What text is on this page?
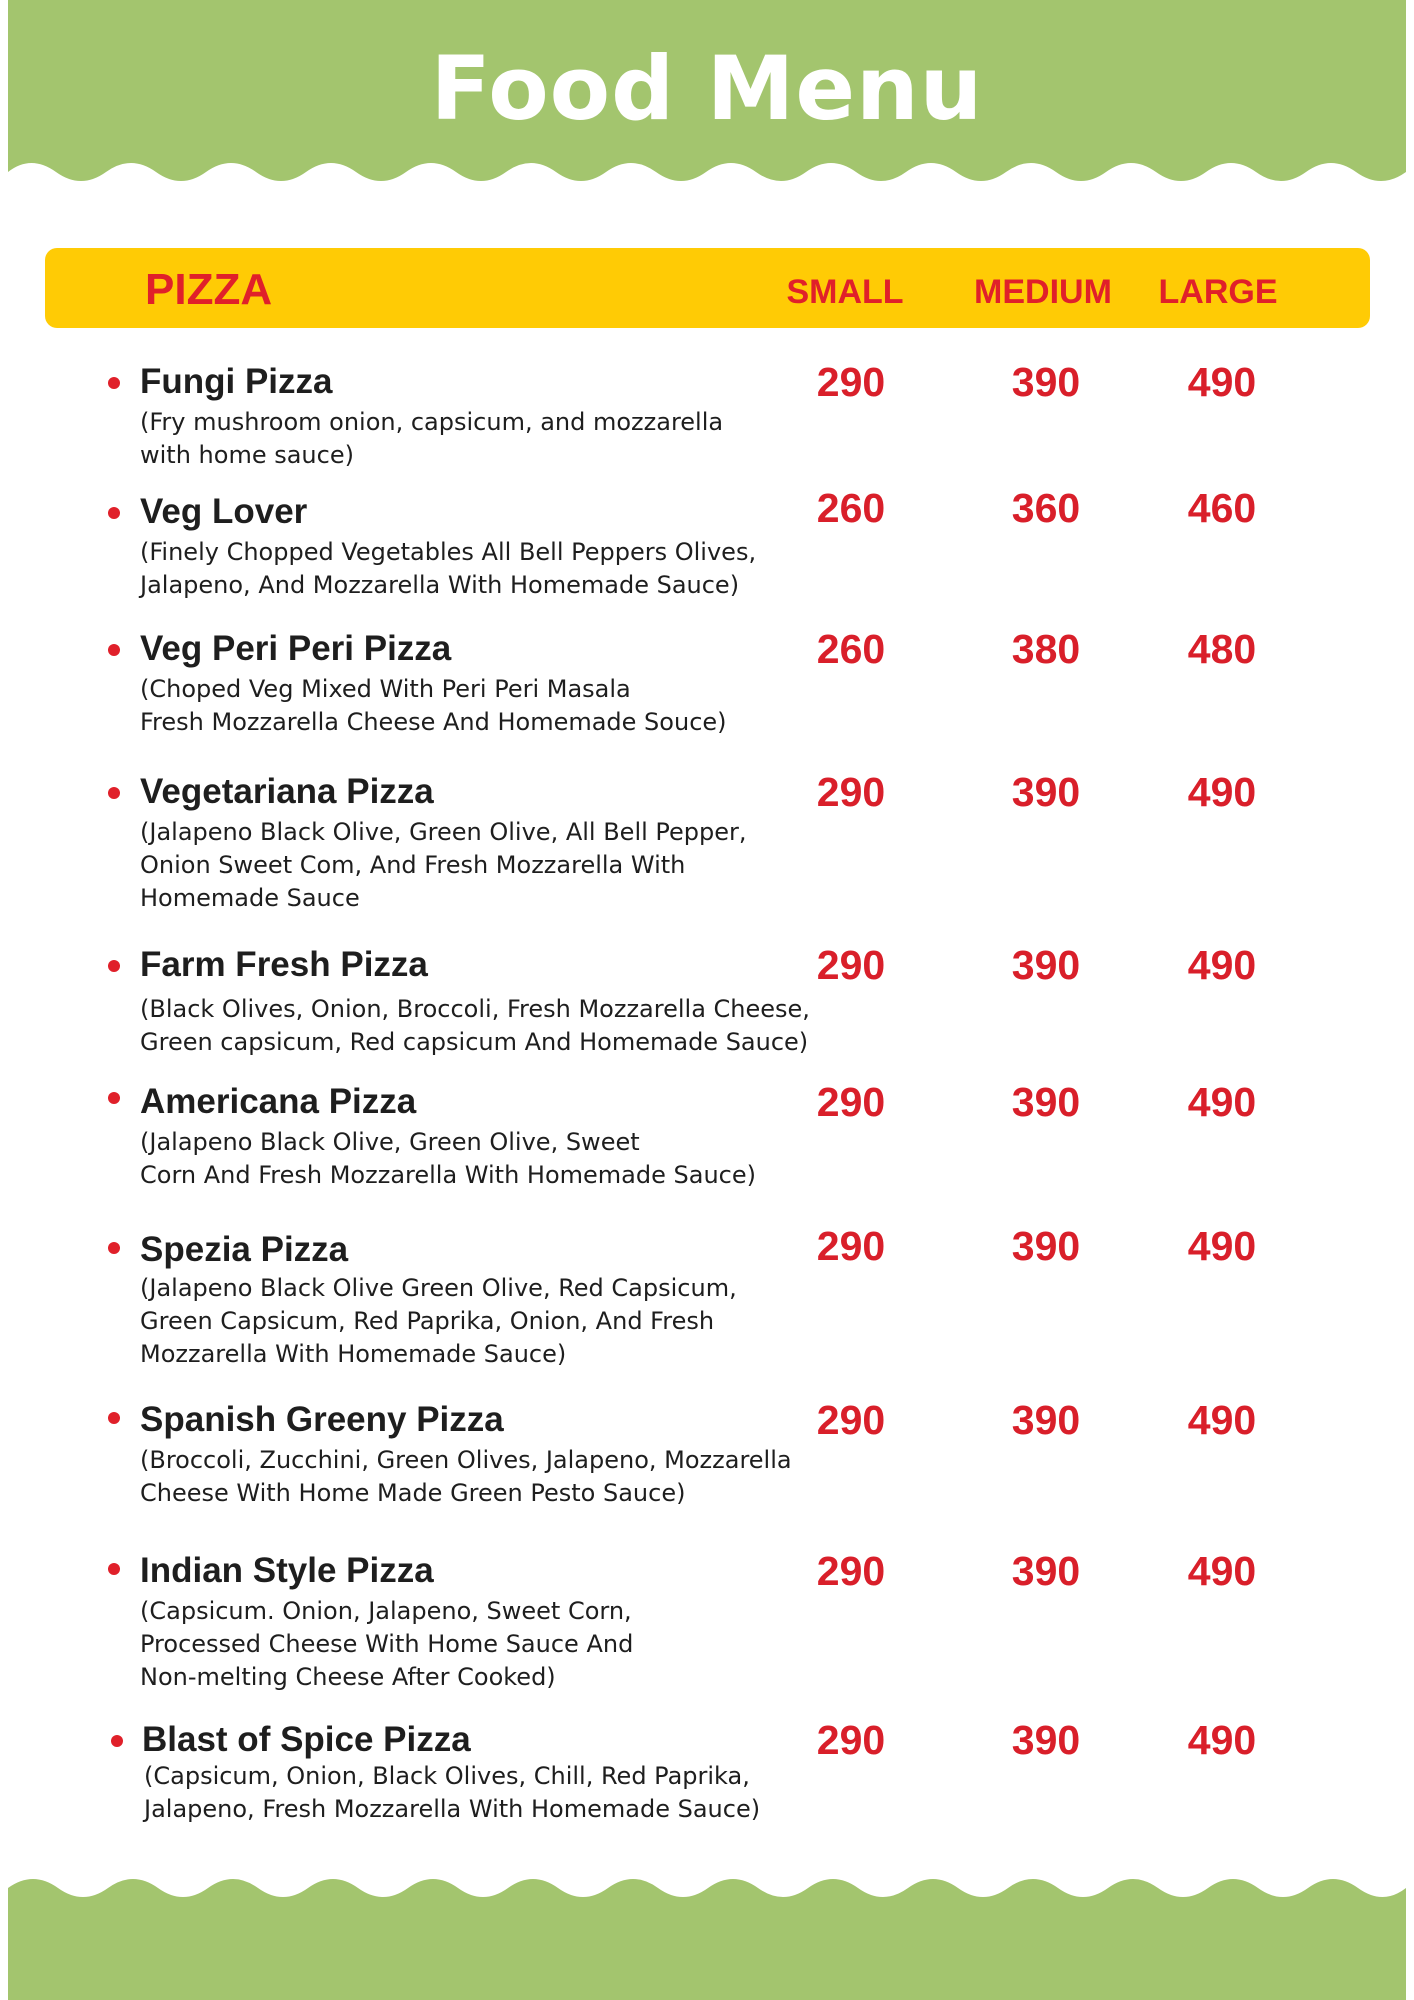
Food Menu
PIZZA	SMALL	MEDIUM	LARGE
Fungi Pizza
(Fry mushroom onion, capsicum, and mozzarella
with home sauce)
290	390	490
Veg Lover
(Finely Chopped Vegetables All Bell Peppers Olives,
Jalapeno, And Mozzarella With Homemade Sauce)
260	360	460
Veg Peri Peri Pizza
(Choped Veg Mixed With Peri Peri Masala
Fresh Mozzarella Cheese And Homemade Souce)
260	380	480
Vegetariana Pizza
(Jalapeno Black Olive, Green Olive, All Bell Pepper,
Onion Sweet Com, And Fresh Mozzarella With
Homemade Sauce
290	390	490
Farm Fresh Pizza
(Black Olives, Onion, Broccoli, Fresh Mozzarella Cheese,
Green capsicum, Red capsicum And Homemade Sauce)
290	390	490
Americana Pizza
(Jalapeno Black Olive, Green Olive, Sweet
Corn And Fresh Mozzarella With Homemade Sauce)
290	390	490
Spezia Pizza
(Jalapeno Black Olive Green Olive, Red Capsicum,
Green Capsicum, Red Paprika, Onion, And Fresh
Mozzarella With Homemade Sauce)
290	390	490
Spanish Greeny Pizza
(Broccoli, Zucchini, Green Olives, Jalapeno, Mozzarella
Cheese With Home Made Green Pesto Sauce)
290	390	490
Indian Style Pizza
(Capsicum. Onion, Jalapeno, Sweet Corn,
Processed Cheese With Home Sauce And
Non-melting Cheese After Cooked)
290	390	490
Blast of Spice Pizza
(Capsicum, Onion, Black Olives, Chill, Red Paprika,
Jalapeno, Fresh Mozzarella With Homemade Sauce)
290	390	490
